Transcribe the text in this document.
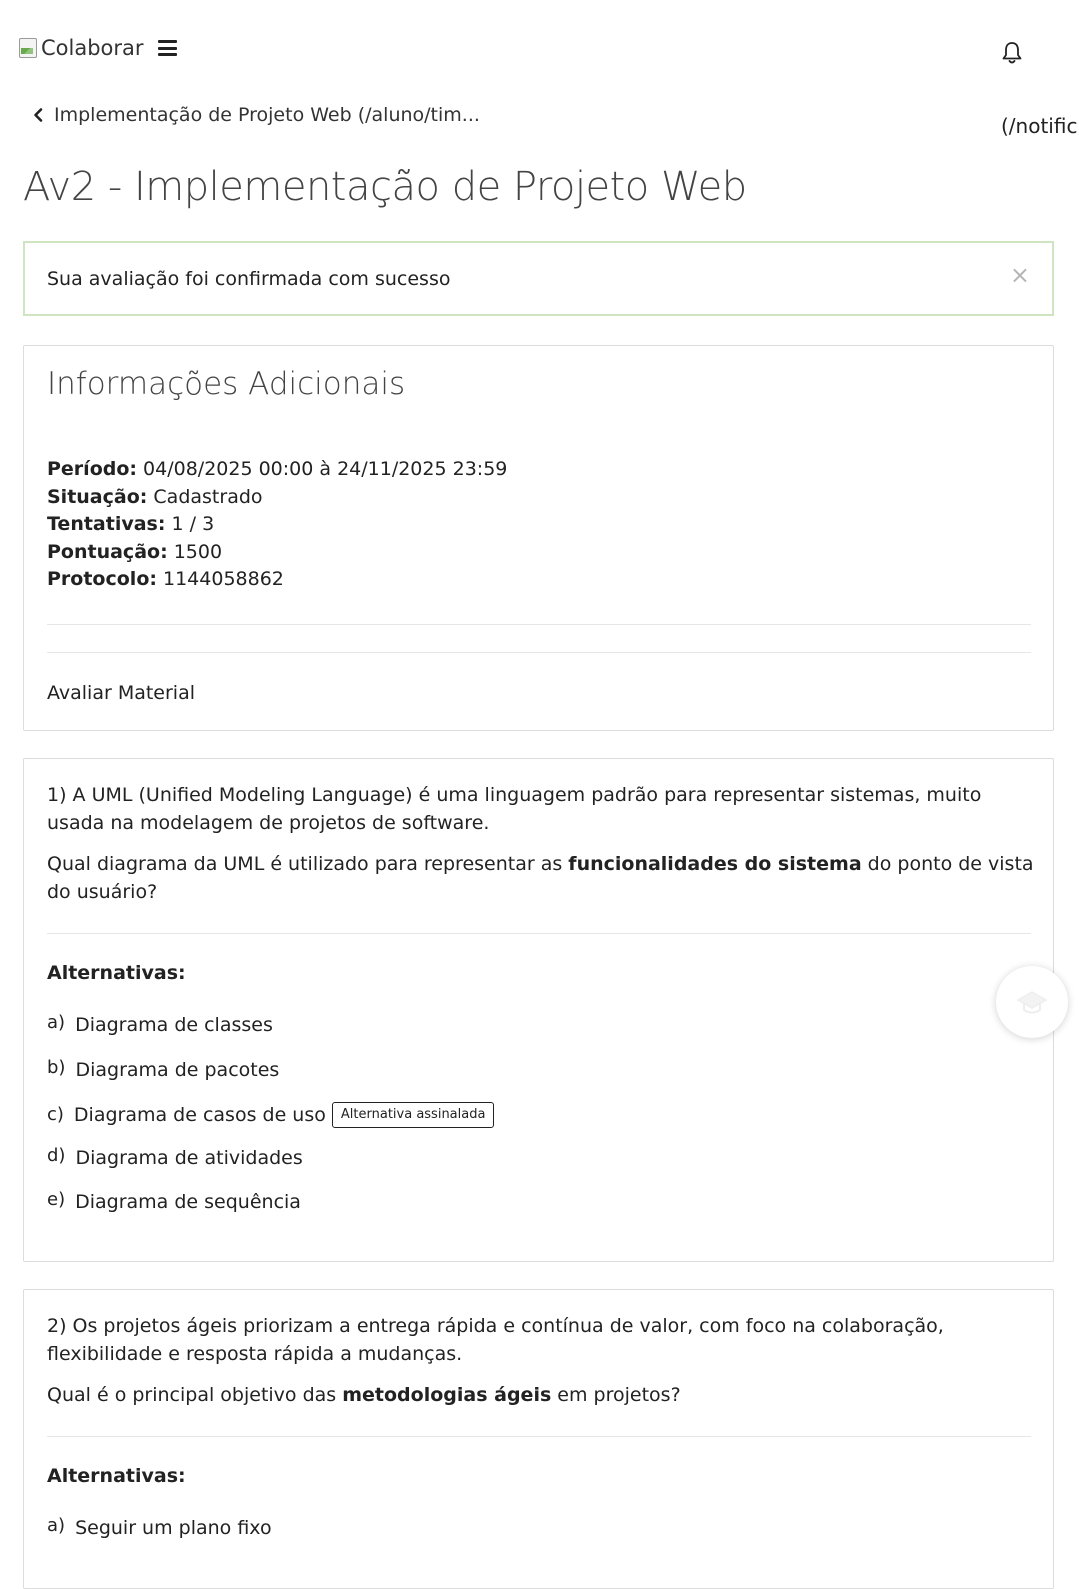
Colaborar
(/notific
Implementação de Projeto Web (/aluno/tim...
Av2 - Implementação de Projeto Web
Sua avaliação foi confirmada com sucesso	×
Informações Adicionais
Período: 04/08/2025 00:00 à 24/11/2025 23:59
Situação: Cadastrado
Tentativas: 1 / 3
Pontuação: 1500
Protocolo: 1144058862
Avaliar Material
1) A UML (Unified Modeling Language) é uma linguagem padrão para representar sistemas, muito usada na modelagem de projetos de software.
Qual diagrama da UML é utilizado para representar as funcionalidades do sistema do ponto de vista do usuário?
Alternativas:
a) Diagrama de classes
b) Diagrama de pacotes
c) Diagrama de casos de uso	Alternativa assinalada
d) Diagrama de atividades
e) Diagrama de sequência
2) Os projetos ágeis priorizam a entrega rápida e contínua de valor, com foco na colaboração, flexibilidade e resposta rápida a mudanças.
Qual é o principal objetivo das metodologias ágeis em projetos?
Alternativas:
a) Seguir um plano fixo
